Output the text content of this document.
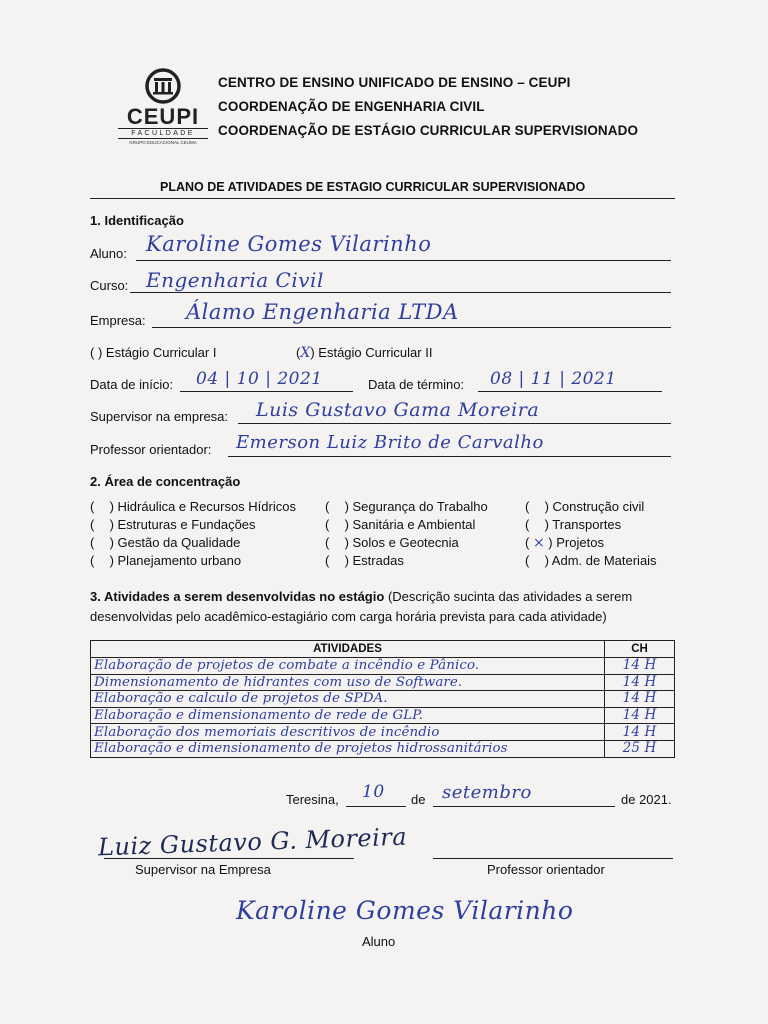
CEUPI
FACULDADE
GRUPO EDUCACIONAL CEUMA
CENTRO DE ENSINO UNIFICADO DE ENSINO – CEUPI
COORDENAÇÃO DE ENGENHARIA CIVIL
COORDENAÇÃO DE ESTÁGIO CURRICULAR SUPERVISIONADO
PLANO DE ATIVIDADES DE ESTAGIO CURRICULAR SUPERVISIONADO
1. Identificação
Aluno: Karoline Gomes Vilarinho
Curso: Engenharia Civil
Empresa: Álamo Engenharia LTDA
( ) Estágio Curricular I	(X) Estágio Curricular II
Data de início: 04 | 10 | 2021	Data de término: 08 | 11 | 2021
Supervisor na empresa: Luis Gustavo Gama Moreira
Professor orientador: Emerson Luiz Brito de Carvalho
2. Área de concentração
(  ) Hidráulica e Recursos Hídricos (  ) Segurança do Trabalho	(  ) Construção civil
(  ) Estruturas e Fundações	(  ) Sanitária e Ambiental	(  ) Transportes
(  ) Gestão da Qualidade	(  ) Solos e Geotecnia	( × ) Projetos
(  ) Planejamento urbano	(  ) Estradas	(  ) Adm. de Materiais
3. Atividades a serem desenvolvidas no estágio (Descrição sucinta das atividades a serem desenvolvidas pelo acadêmico-estagiário com carga horária prevista para cada atividade)
ATIVIDADES	CH
Elaboração de projetos de combate a incêndio e Pânico.	14 H
Dimensionamento de hidrantes com uso de Software.	14 H
Elaboração e calculo de projetos de SPDA.	14 H
Elaboração e dimensionamento de rede de GLP.	14 H
Elaboração dos memoriais descritivos de incêndio	14 H
Elaboração e dimensionamento de projetos hidrossanitários	25 H
Teresina, 10 de setembro	de 2021.
Luiz Gustavo G. Moreira
Supervisor na Empresa	Professor orientador
Karoline Gomes Vilarinho
Aluno
